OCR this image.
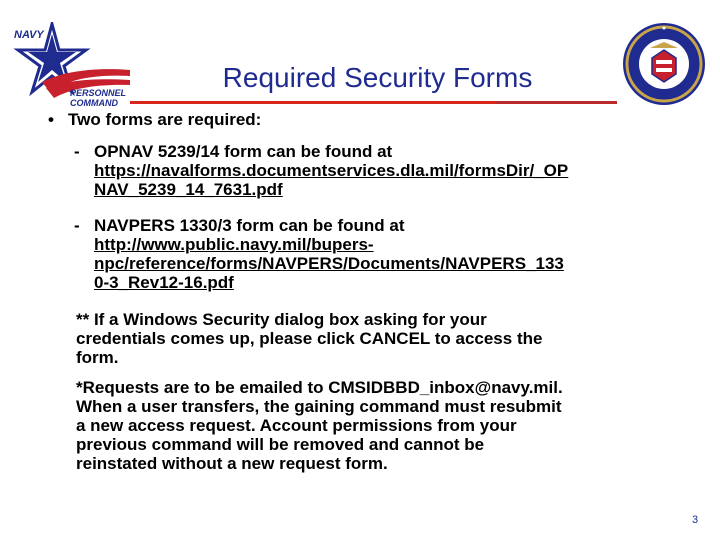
NAVY
PERSONNEL
COMMAND
Required Security Forms
• Two forms are required:
- OPNAV 5239/14 form can be found at
https://navalforms.documentservices.dla.mil/formsDir/_OP
NAV_5239_14_7631.pdf
- NAVPERS 1330/3 form can be found at
http://www.public.navy.mil/bupers-
npc/reference/forms/NAVPERS/Documents/NAVPERS_133
0-3_Rev12-16.pdf
** If a Windows Security dialog box asking for your
credentials comes up, please click CANCEL to access the
form.
*Requests are to be emailed to CMSIDBBD_inbox@navy.mil.
When a user transfers, the gaining command must resubmit
a new access request. Account permissions from your
previous command will be removed and cannot be
reinstated without a new request form.
3
